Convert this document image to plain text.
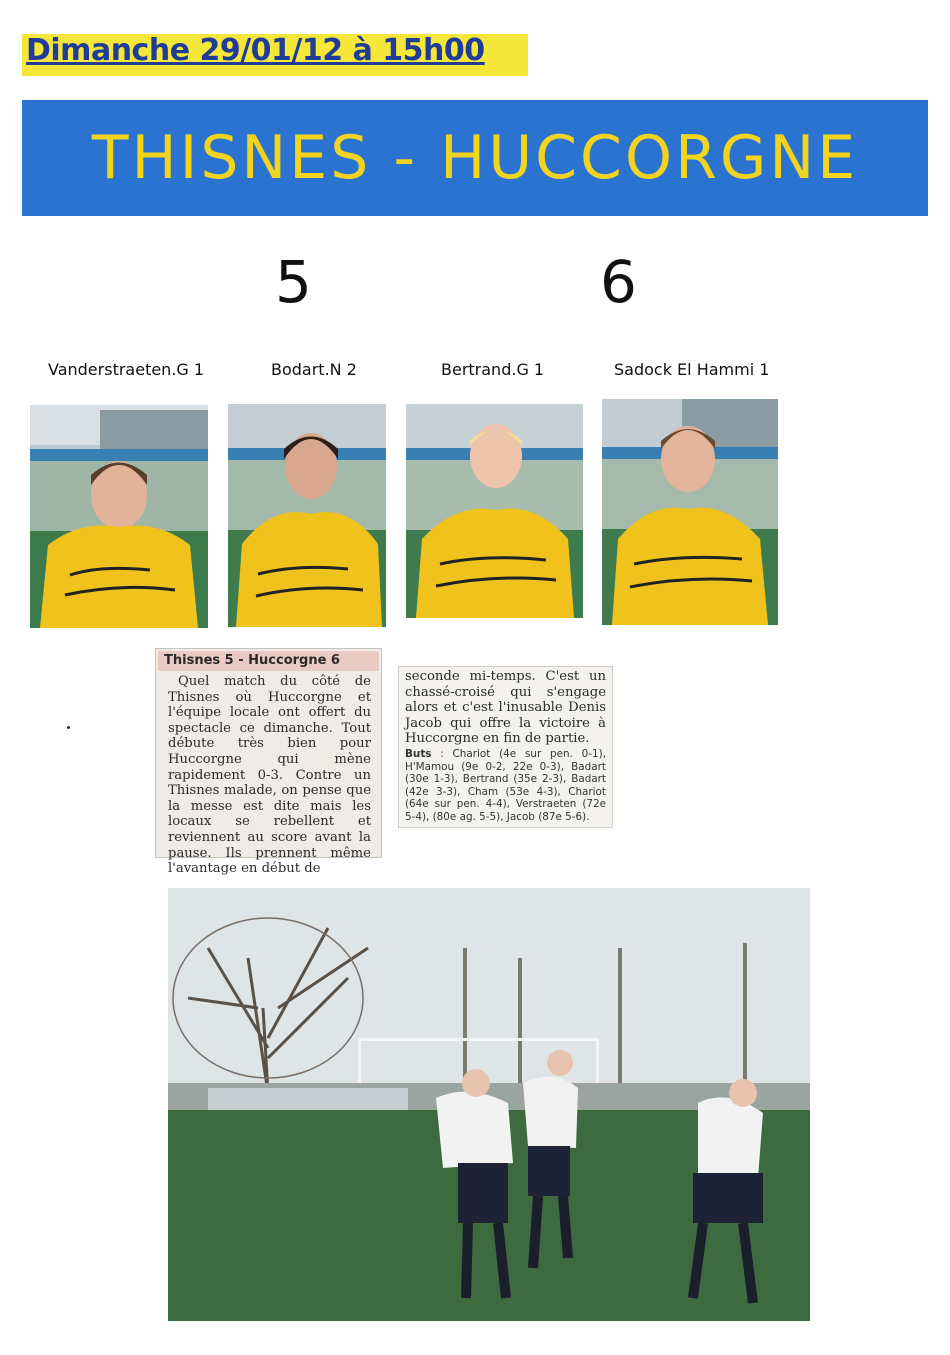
Dimanche 29/01/12 à 15h00
THISNES - HUCCORGNE
5	6
Vanderstraeten.G 1	Bodart.N 2	Bertrand.G 1	Sadock El Hammi 1
Thisnes 5 - Huccorgne 6
Quel match du côté de Thisnes où Huccorgne et l'équipe locale ont offert du spectacle ce dimanche. Tout débute très bien pour Huccorgne qui mène rapidement 0-3. Contre un Thisnes malade, on pense que la messe est dite mais les locaux se rebellent et reviennent au score avant la pause. Ils prennent même l'avantage en début de
seconde mi-temps. C'est un chassé-croisé qui s'engage alors et c'est l'inusable Denis Jacob qui offre la victoire à Huccorgne en fin de partie.
Buts : Chariot (4e sur pen. 0-1), H'Mamou (9e 0-2, 22e 0-3), Badart (30e 1-3), Bertrand (35e 2-3), Badart (42e 3-3), Cham (53e 4-3), Chariot (64e sur pen. 4-4), Verstraeten (72e 5-4), (80e ag. 5-5), Jacob (87e 5-6).
